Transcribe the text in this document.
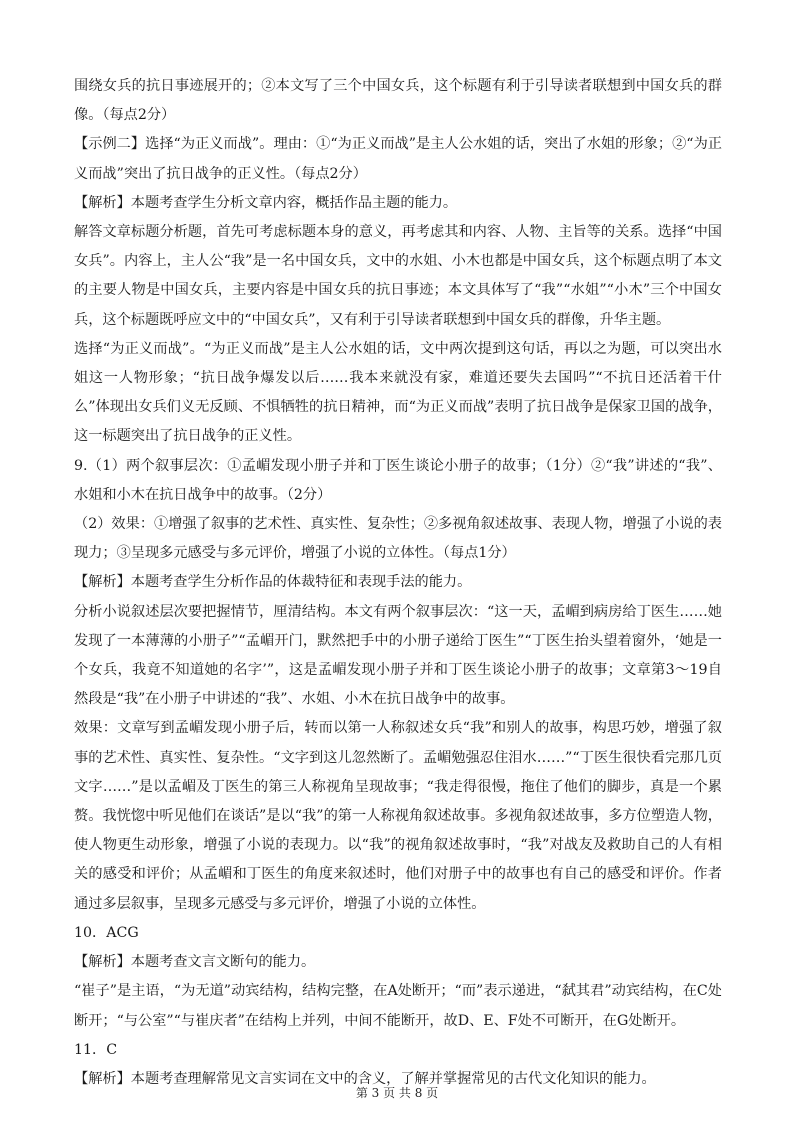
围绕女兵的抗日事迹展开的；②本文写了三个中国女兵，这个标题有利于引导读者联想到中国女兵的群像。（每点2分）

【示例二】选择“为正义而战”。理由：①“为正义而战”是主人公水姐的话，突出了水姐的形象；②“为正义而战”突出了抗日战争的正义性。（每点2分）

【解析】本题考查学生分析文章内容，概括作品主题的能力。

解答文章标题分析题，首先可考虑标题本身的意义，再考虑其和内容、人物、主旨等的关系。选择“中国女兵”。内容上，主人公“我”是一名中国女兵，文中的水姐、小木也都是中国女兵，这个标题点明了本文的主要人物是中国女兵，主要内容是中国女兵的抗日事迹；本文具体写了“我”“水姐”“小木”三个中国女兵，这个标题既呼应文中的“中国女兵”，又有利于引导读者联想到中国女兵的群像，升华主题。

选择“为正义而战”。“为正义而战”是主人公水姐的话，文中两次提到这句话，再以之为题，可以突出水姐这一人物形象；“抗日战争爆发以后……我本来就没有家，难道还要失去国吗”“不抗日还活着干什么”体现出女兵们义无反顾、不惧牺牲的抗日精神，而“为正义而战”表明了抗日战争是保家卫国的战争，这一标题突出了抗日战争的正义性。

9.（1）两个叙事层次：①孟嵋发现小册子并和丁医生谈论小册子的故事；（1分）②“我”讲述的“我”、水姐和小木在抗日战争中的故事。（2分）

（2）效果：①增强了叙事的艺术性、真实性、复杂性；②多视角叙述故事、表现人物，增强了小说的表现力；③呈现多元感受与多元评价，增强了小说的立体性。（每点1分）

【解析】本题考查学生分析作品的体裁特征和表现手法的能力。

分析小说叙述层次要把握情节，厘清结构。本文有两个叙事层次：“这一天，孟嵋到病房给丁医生……她发现了一本薄薄的小册子”“孟嵋开门，默然把手中的小册子递给丁医生”“丁医生抬头望着窗外，‘她是一个女兵，我竟不知道她的名字’”，这是孟嵋发现小册子并和丁医生谈论小册子的故事；文章第3～19自然段是“我”在小册子中讲述的“我”、水姐、小木在抗日战争中的故事。

效果：文章写到孟嵋发现小册子后，转而以第一人称叙述女兵“我”和别人的故事，构思巧妙，增强了叙事的艺术性、真实性、复杂性。“文字到这儿忽然断了。孟嵋勉强忍住泪水……”“丁医生很快看完那几页文字……”是以孟嵋及丁医生的第三人称视角呈现故事；“我走得很慢，拖住了他们的脚步，真是一个累赘。我恍惚中听见他们在谈话”是以“我”的第一人称视角叙述故事。多视角叙述故事，多方位塑造人物，使人物更生动形象，增强了小说的表现力。以“我”的视角叙述故事时，“我”对战友及救助自己的人有相关的感受和评价；从孟嵋和丁医生的角度来叙述时，他们对册子中的故事也有自己的感受和评价。作者通过多层叙事，呈现多元感受与多元评价，增强了小说的立体性。

10．ACG

【解析】本题考查文言文断句的能力。

“崔子”是主语，“为无道”动宾结构，结构完整，在A处断开；“而”表示递进，“弑其君”动宾结构，在C处断开；“与公室”“与崔庆者”在结构上并列，中间不能断开，故D、E、F处不可断开，在G处断开。

11．C

【解析】本题考查理解常见文言实词在文中的含义，了解并掌握常见的古代文化知识的能力。

第 3 页 共 8 页
